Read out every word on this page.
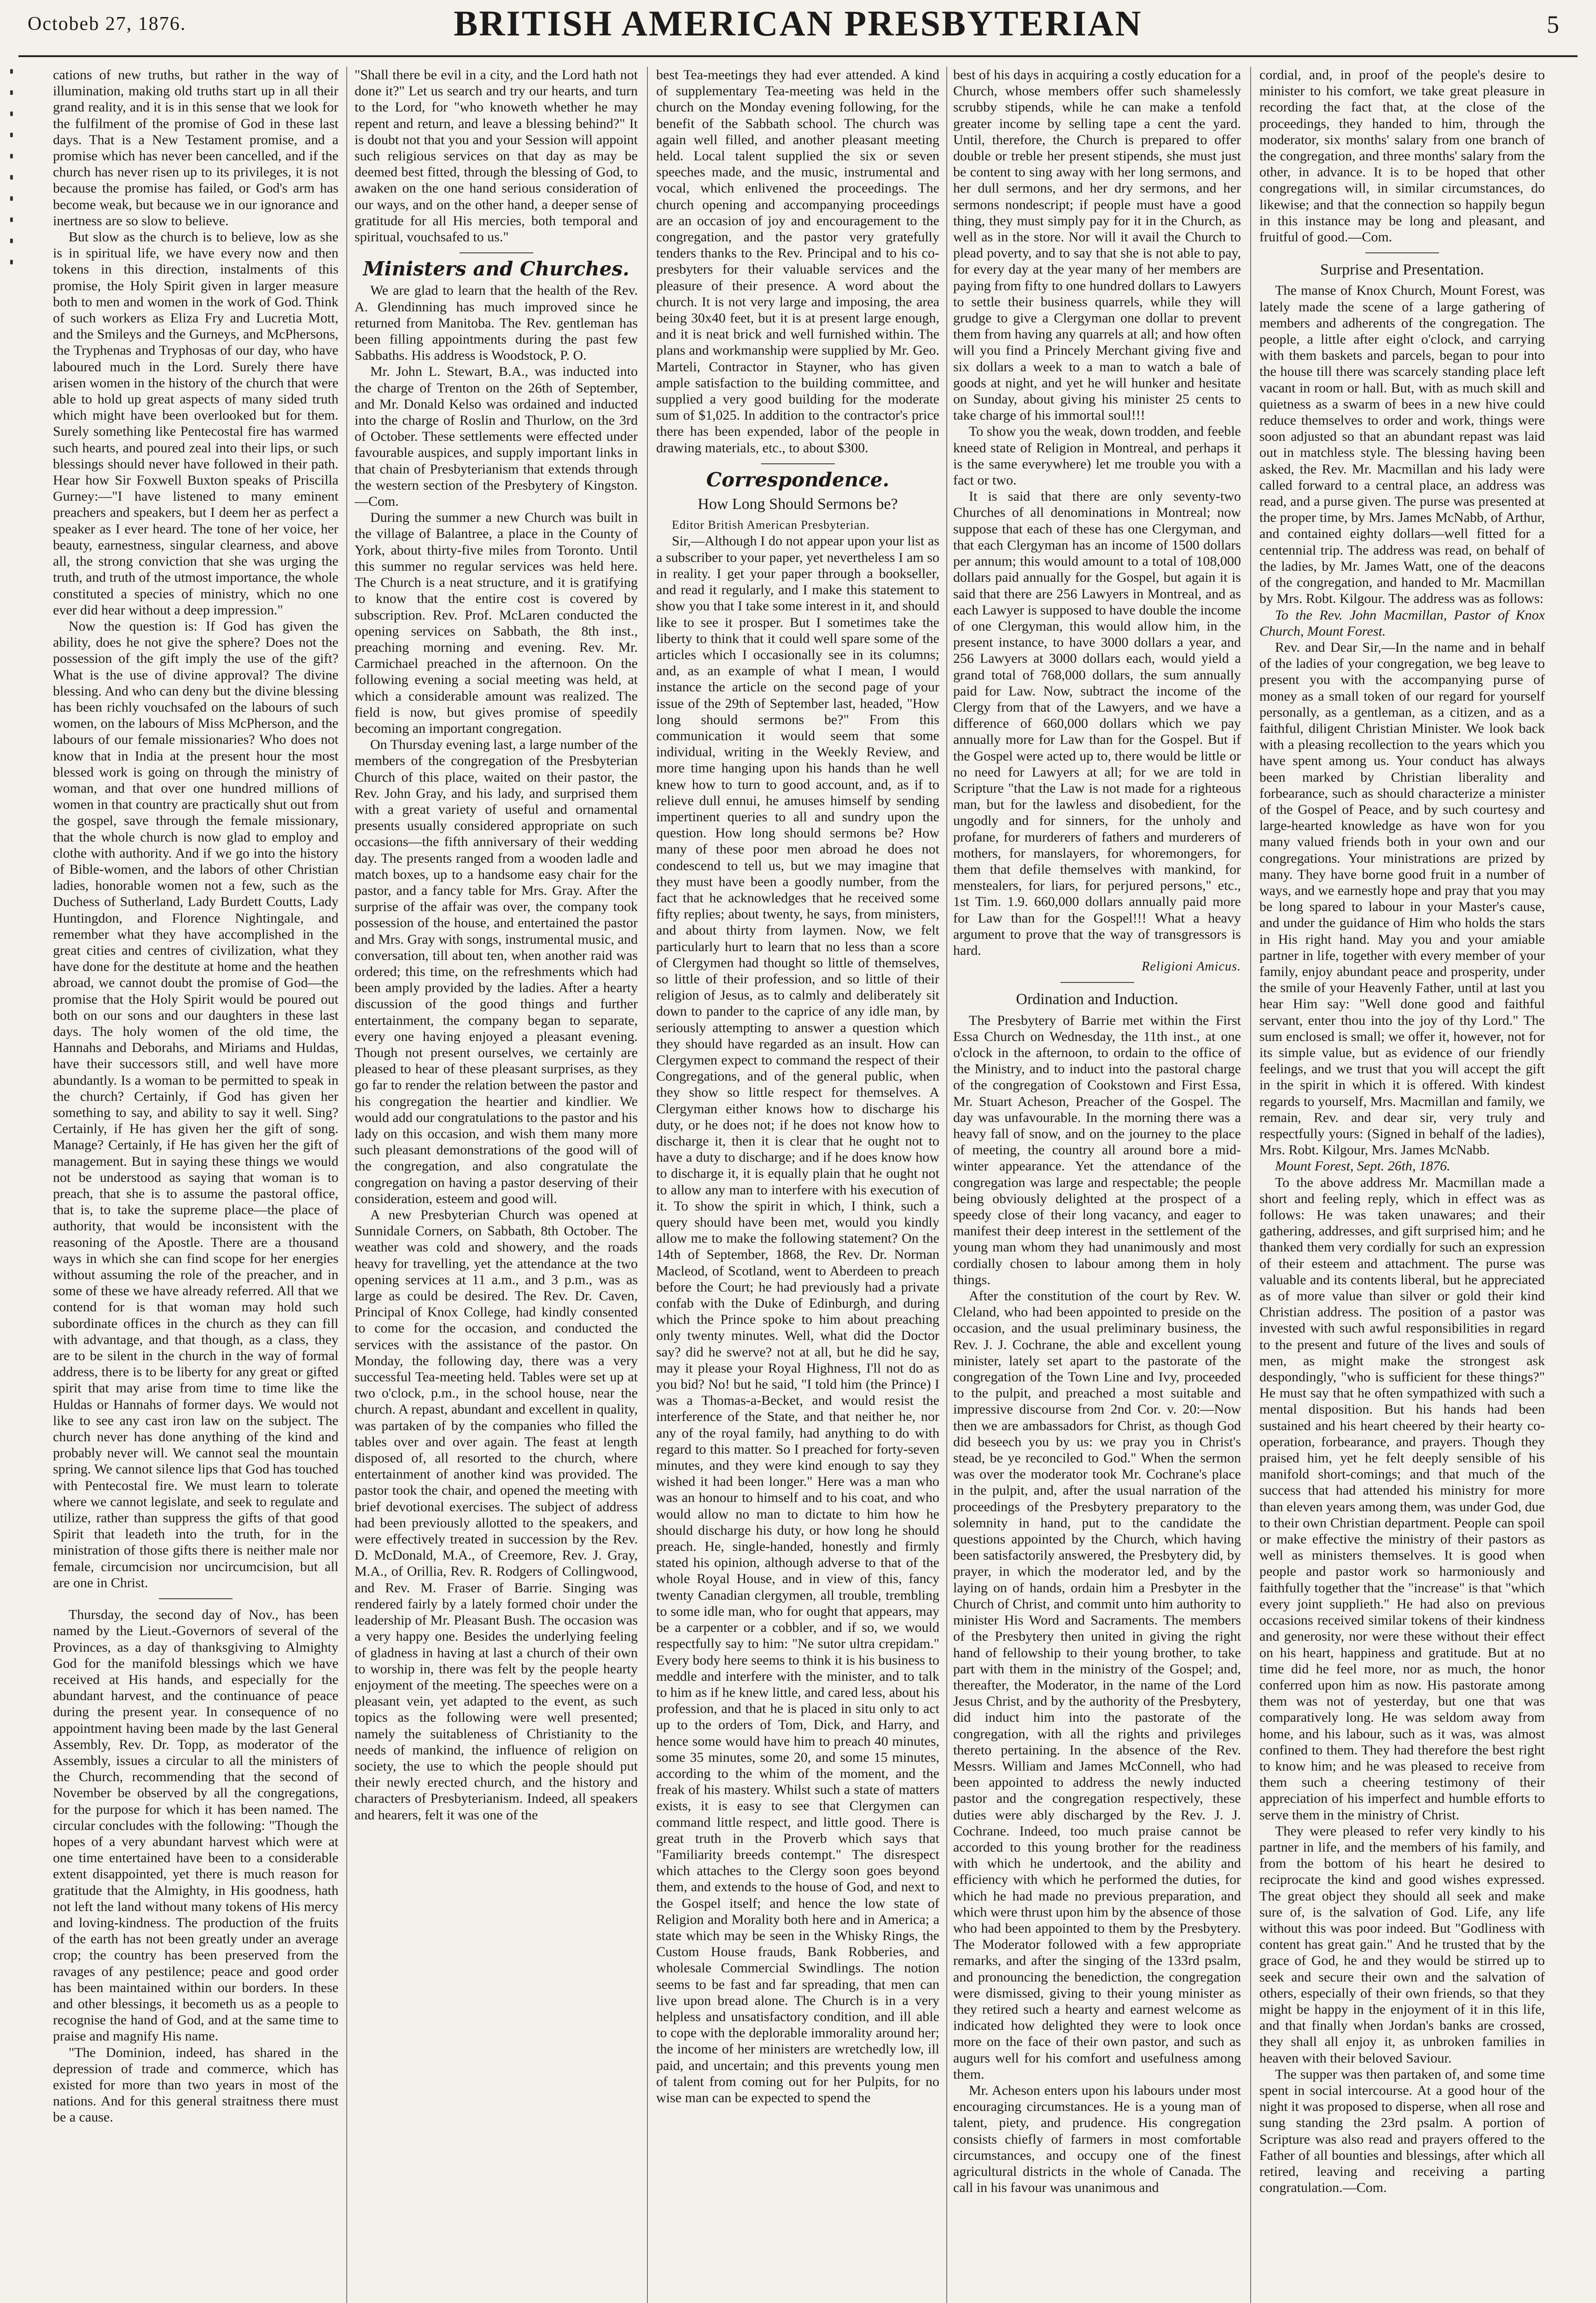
Octobeb 27, 1876.	BRITISH AMERICAN PRESBYTERIAN	5

cations of new truths, but rather in the way of illumination, making old truths start up in all their grand reality, and it is in this sense that we look for the fulfilment of the promise of God in these last days. That is a New Testament promise, and a promise which has never been cancelled, and if the church has never risen up to its privileges, it is not because the promise has failed, or God's arm has become weak, but because we in our ignorance and inertness are so slow to believe.

But slow as the church is to believe, low as she is in spiritual life, we have every now and then tokens in this direction, instalments of this promise, the Holy Spirit given in larger measure both to men and women in the work of God. Think of such workers as Eliza Fry and Lucretia Mott, and the Smileys and the Gurneys, and McPhersons, the Tryphenas and Tryphosas of our day, who have laboured much in the Lord. Surely there have arisen women in the history of the church that were able to hold up great aspects of many sided truth which might have been overlooked but for them. Surely something like Pentecostal fire has warmed such hearts, and poured zeal into their lips, or such blessings should never have followed in their path. Hear how Sir Foxwell Buxton speaks of Priscilla Gurney:—"I have listened to many eminent preachers and speakers, but I deem her as perfect a speaker as I ever heard. The tone of her voice, her beauty, earnestness, singular clearness, and above all, the strong conviction that she was urging the truth, and truth of the utmost importance, the whole constituted a species of ministry, which no one ever did hear without a deep impression."

Now the question is: If God has given the ability, does he not give the sphere? Does not the possession of the gift imply the use of the gift? What is the use of divine approval? The divine blessing. And who can deny but the divine blessing has been richly vouchsafed on the labours of such women, on the labours of Miss McPherson, and the labours of our female missionaries? Who does not know that in India at the present hour the most blessed work is going on through the ministry of woman, and that over one hundred millions of women in that country are practically shut out from the gospel, save through the female missionary, that the whole church is now glad to employ and clothe with authority. And if we go into the history of Bible-women, and the labors of other Christian ladies, honorable women not a few, such as the Duchess of Sutherland, Lady Burdett Coutts, Lady Huntingdon, and Florence Nightingale, and remember what they have accomplished in the great cities and centres of civilization, what they have done for the destitute at home and the heathen abroad, we cannot doubt the promise of God—the promise that the Holy Spirit would be poured out both on our sons and our daughters in these last days. The holy women of the old time, the Hannahs and Deborahs, and Miriams and Huldas, have their successors still, and well have more abundantly. Is a woman to be permitted to speak in the church? Certainly, if God has given her something to say, and ability to say it well. Sing? Certainly, if He has given her the gift of song. Manage? Certainly, if He has given her the gift of management. But in saying these things we would not be understood as saying that woman is to preach, that she is to assume the pastoral office, that is, to take the supreme place—the place of authority, that would be inconsistent with the reasoning of the Apostle. There are a thousand ways in which she can find scope for her energies without assuming the role of the preacher, and in some of these we have already referred. All that we contend for is that woman may hold such subordinate offices in the church as they can fill with advantage, and that though, as a class, they are to be silent in the church in the way of formal address, there is to be liberty for any great or gifted spirit that may arise from time to time like the Huldas or Hannahs of former days. We would not like to see any cast iron law on the subject. The church never has done anything of the kind and probably never will. We cannot seal the mountain spring. We cannot silence lips that God has touched with Pentecostal fire. We must learn to tolerate where we cannot legislate, and seek to regulate and utilize, rather than suppress the gifts of that good Spirit that leadeth into the truth, for in the ministration of those gifts there is neither male nor female, circumcision nor uncircumcision, but all are one in Christ.

Thursday, the second day of Nov., has been named by the Lieut.-Governors of several of the Provinces, as a day of thanksgiving to Almighty God for the manifold blessings which we have received at His hands, and especially for the abundant harvest, and the continuance of peace during the present year. In consequence of no appointment having been made by the last General Assembly, Rev. Dr. Topp, as moderator of the Assembly, issues a circular to all the ministers of the Church, recommending that the second of November be observed by all the congregations, for the purpose for which it has been named. The circular concludes with the following: "Though the hopes of a very abundant harvest which were at one time entertained have been to a considerable extent disappointed, yet there is much reason for gratitude that the Almighty, in His goodness, hath not left the land without many tokens of His mercy and loving-kindness. The production of the fruits of the earth has not been greatly under an average crop; the country has been preserved from the ravages of any pestilence; peace and good order has been maintained within our borders. In these and other blessings, it becometh us as a people to recognise the hand of God, and at the same time to praise and magnify His name.

"The Dominion, indeed, has shared in the depression of trade and commerce, which has existed for more than two years in most of the nations. And for this general straitness there must be a cause.

"Shall there be evil in a city, and the Lord hath not done it?" Let us search and try our hearts, and turn to the Lord, for "who knoweth whether he may repent and return, and leave a blessing behind?" It is doubt not that you and your Session will appoint such religious services on that day as may be deemed best fitted, through the blessing of God, to awaken on the one hand serious consideration of our ways, and on the other hand, a deeper sense of gratitude for all His mercies, both temporal and spiritual, vouchsafed to us."

Ministers and Churches.

We are glad to learn that the health of the Rev. A. Glendinning has much improved since he returned from Manitoba. The Rev. gentleman has been filling appointments during the past few Sabbaths. His address is Woodstock, P. O.

Mr. John L. Stewart, B.A., was inducted into the charge of Trenton on the 26th of September, and Mr. Donald Kelso was ordained and inducted into the charge of Roslin and Thurlow, on the 3rd of October. These settlements were effected under favourable auspices, and supply important links in that chain of Presbyterianism that extends through the western section of the Presbytery of Kingston.—Com.

During the summer a new Church was built in the village of Balantree, a place in the County of York, about thirty-five miles from Toronto. Until this summer no regular services was held here. The Church is a neat structure, and it is gratifying to know that the entire cost is covered by subscription. Rev. Prof. McLaren conducted the opening services on Sabbath, the 8th inst., preaching morning and evening. Rev. Mr. Carmichael preached in the afternoon. On the following evening a social meeting was held, at which a considerable amount was realized. The field is now, but gives promise of speedily becoming an important congregation.

On Thursday evening last, a large number of the members of the congregation of the Presbyterian Church of this place, waited on their pastor, the Rev. John Gray, and his lady, and surprised them with a great variety of useful and ornamental presents usually considered appropriate on such occasions—the fifth anniversary of their wedding day. The presents ranged from a wooden ladle and match boxes, up to a handsome easy chair for the pastor, and a fancy table for Mrs. Gray. After the surprise of the affair was over, the company took possession of the house, and entertained the pastor and Mrs. Gray with songs, instrumental music, and conversation, till about ten, when another raid was ordered; this time, on the refreshments which had been amply provided by the ladies. After a hearty discussion of the good things and further entertainment, the company began to separate, every one having enjoyed a pleasant evening. Though not present ourselves, we certainly are pleased to hear of these pleasant surprises, as they go far to render the relation between the pastor and his congregation the heartier and kindlier. We would add our congratulations to the pastor and his lady on this occasion, and wish them many more such pleasant demonstrations of the good will of the congregation, and also congratulate the congregation on having a pastor deserving of their consideration, esteem and good will.

A new Presbyterian Church was opened at Sunnidale Corners, on Sabbath, 8th October. The weather was cold and showery, and the roads heavy for travelling, yet the attendance at the two opening services at 11 a.m., and 3 p.m., was as large as could be desired. The Rev. Dr. Caven, Principal of Knox College, had kindly consented to come for the occasion, and conducted the services with the assistance of the pastor. On Monday, the following day, there was a very successful Tea-meeting held. Tables were set up at two o'clock, p.m., in the school house, near the church. A repast, abundant and excellent in quality, was partaken of by the companies who filled the tables over and over again. The feast at length disposed of, all resorted to the church, where entertainment of another kind was provided. The pastor took the chair, and opened the meeting with brief devotional exercises. The subject of address had been previously allotted to the speakers, and were effectively treated in succession by the Rev. D. McDonald, M.A., of Creemore, Rev. J. Gray, M.A., of Orillia, Rev. R. Rodgers of Collingwood, and Rev. M. Fraser of Barrie. Singing was rendered fairly by a lately formed choir under the leadership of Mr. Pleasant Bush. The occasion was a very happy one. Besides the underlying feeling of gladness in having at last a church of their own to worship in, there was felt by the people hearty enjoyment of the meeting. The speeches were on a pleasant vein, yet adapted to the event, as such topics as the following were well presented; namely the suitableness of Christianity to the needs of mankind, the influence of religion on society, the use to which the people should put their newly erected church, and the history and characters of Presbyterianism. Indeed, all speakers and hearers, felt it was one of the

best Tea-meetings they had ever attended. A kind of supplementary Tea-meeting was held in the church on the Monday evening following, for the benefit of the Sabbath school. The church was again well filled, and another pleasant meeting held. Local talent supplied the six or seven speeches made, and the music, instrumental and vocal, which enlivened the proceedings. The church opening and accompanying proceedings are an occasion of joy and encouragement to the congregation, and the pastor very gratefully tenders thanks to the Rev. Principal and to his co-presbyters for their valuable services and the pleasure of their presence. A word about the church. It is not very large and imposing, the area being 30x40 feet, but it is at present large enough, and it is neat brick and well furnished within. The plans and workmanship were supplied by Mr. Geo. Marteli, Contractor in Stayner, who has given ample satisfaction to the building committee, and supplied a very good building for the moderate sum of $1,025. In addition to the contractor's price there has been expended, labor of the people in drawing materials, etc., to about $300.

Correspondence.
How Long Should Sermons be?

Editor British American Presbyterian.

Sir,—Although I do not appear upon your list as a subscriber to your paper, yet nevertheless I am so in reality. I get your paper through a bookseller, and read it regularly, and I make this statement to show you that I take some interest in it, and should like to see it prosper. But I sometimes take the liberty to think that it could well spare some of the articles which I occasionally see in its columns; and, as an example of what I mean, I would instance the article on the second page of your issue of the 29th of September last, headed, "How long should sermons be?" From this communication it would seem that some individual, writing in the Weekly Review, and more time hanging upon his hands than he well knew how to turn to good account, and, as if to relieve dull ennui, he amuses himself by sending impertinent queries to all and sundry upon the question. How long should sermons be? How many of these poor men abroad he does not condescend to tell us, but we may imagine that they must have been a goodly number, from the fact that he acknowledges that he received some fifty replies; about twenty, he says, from ministers, and about thirty from laymen. Now, we felt particularly hurt to learn that no less than a score of Clergymen had thought so little of themselves, so little of their profession, and so little of their religion of Jesus, as to calmly and deliberately sit down to pander to the caprice of any idle man, by seriously attempting to answer a question which they should have regarded as an insult. How can Clergymen expect to command the respect of their Congregations, and of the general public, when they show so little respect for themselves. A Clergyman either knows how to discharge his duty, or he does not; if he does not know how to discharge it, then it is clear that he ought not to have a duty to discharge; and if he does know how to discharge it, it is equally plain that he ought not to allow any man to interfere with his execution of it. To show the spirit in which, I think, such a query should have been met, would you kindly allow me to make the following statement? On the 14th of September, 1868, the Rev. Dr. Norman Macleod, of Scotland, went to Aberdeen to preach before the Court; he had previously had a private confab with the Duke of Edinburgh, and during which the Prince spoke to him about preaching only twenty minutes. Well, what did the Doctor say? did he swerve? not at all, but he did he say, may it please your Royal Highness, I'll not do as you bid? No! but he said, "I told him (the Prince) I was a Thomas-a-Becket, and would resist the interference of the State, and that neither he, nor any of the royal family, had anything to do with regard to this matter. So I preached for forty-seven minutes, and they were kind enough to say they wished it had been longer." Here was a man who was an honour to himself and to his coat, and who would allow no man to dictate to him how he should discharge his duty, or how long he should preach. He, single-handed, honestly and firmly stated his opinion, although adverse to that of the whole Royal House, and in view of this, fancy twenty Canadian clergymen, all trouble, trembling to some idle man, who for ought that appears, may be a carpenter or a cobbler, and if so, we would respectfully say to him: "Ne sutor ultra crepidam." Every body here seems to think it is his business to meddle and interfere with the minister, and to talk to him as if he knew little, and cared less, about his profession, and that he is placed in situ only to act up to the orders of Tom, Dick, and Harry, and hence some would have him to preach 40 minutes, some 35 minutes, some 20, and some 15 minutes, according to the whim of the moment, and the freak of his mastery. Whilst such a state of matters exists, it is easy to see that Clergymen can command little respect, and little good. There is great truth in the Proverb which says that "Familiarity breeds contempt." The disrespect which attaches to the Clergy soon goes beyond them, and extends to the house of God, and next to the Gospel itself; and hence the low state of Religion and Morality both here and in America; a state which may be seen in the Whisky Rings, the Custom House frauds, Bank Robberies, and wholesale Commercial Swindlings. The notion seems to be fast and far spreading, that men can live upon bread alone. The Church is in a very helpless and unsatisfactory condition, and ill able to cope with the deplorable immorality around her; the income of her ministers are wretchedly low, ill paid, and uncertain; and this prevents young men of talent from coming out for her Pulpits, for no wise man can be expected to spend the

best of his days in acquiring a costly education for a Church, whose members offer such shamelessly scrubby stipends, while he can make a tenfold greater income by selling tape a cent the yard. Until, therefore, the Church is prepared to offer double or treble her present stipends, she must just be content to sing away with her long sermons, and her dull sermons, and her dry sermons, and her sermons nondescript; if people must have a good thing, they must simply pay for it in the Church, as well as in the store. Nor will it avail the Church to plead poverty, and to say that she is not able to pay, for every day at the year many of her members are paying from fifty to one hundred dollars to Lawyers to settle their business quarrels, while they will grudge to give a Clergyman one dollar to prevent them from having any quarrels at all; and how often will you find a Princely Merchant giving five and six dollars a week to a man to watch a bale of goods at night, and yet he will hunker and hesitate on Sunday, about giving his minister 25 cents to take charge of his immortal soul!!!

To show you the weak, down trodden, and feeble kneed state of Religion in Montreal, and perhaps it is the same everywhere) let me trouble you with a fact or two.

It is said that there are only seventy-two Churches of all denominations in Montreal; now suppose that each of these has one Clergyman, and that each Clergyman has an income of 1500 dollars per annum; this would amount to a total of 108,000 dollars paid annually for the Gospel, but again it is said that there are 256 Lawyers in Montreal, and as each Lawyer is supposed to have double the income of one Clergyman, this would allow him, in the present instance, to have 3000 dollars a year, and 256 Lawyers at 3000 dollars each, would yield a grand total of 768,000 dollars, the sum annually paid for Law. Now, subtract the income of the Clergy from that of the Lawyers, and we have a difference of 660,000 dollars which we pay annually more for Law than for the Gospel. But if the Gospel were acted up to, there would be little or no need for Lawyers at all; for we are told in Scripture "that the Law is not made for a righteous man, but for the lawless and disobedient, for the ungodly and for sinners, for the unholy and profane, for murderers of fathers and murderers of mothers, for manslayers, for whoremongers, for them that defile themselves with mankind, for menstealers, for liars, for perjured persons," etc., 1st Tim. 1.9. 660,000 dollars annually paid more for Law than for the Gospel!!! What a heavy argument to prove that the way of transgressors is hard.

Religioni Amicus.

Ordination and Induction.

The Presbytery of Barrie met within the First Essa Church on Wednesday, the 11th inst., at one o'clock in the afternoon, to ordain to the office of the Ministry, and to induct into the pastoral charge of the congregation of Cookstown and First Essa, Mr. Stuart Acheson, Preacher of the Gospel. The day was unfavourable. In the morning there was a heavy fall of snow, and on the journey to the place of meeting, the country all around bore a mid-winter appearance. Yet the attendance of the congregation was large and respectable; the people being obviously delighted at the prospect of a speedy close of their long vacancy, and eager to manifest their deep interest in the settlement of the young man whom they had unanimously and most cordially chosen to labour among them in holy things.

After the constitution of the court by Rev. W. Cleland, who had been appointed to preside on the occasion, and the usual preliminary business, the Rev. J. J. Cochrane, the able and excellent young minister, lately set apart to the pastorate of the congregation of the Town Line and Ivy, proceeded to the pulpit, and preached a most suitable and impressive discourse from 2nd Cor. v. 20:—Now then we are ambassadors for Christ, as though God did beseech you by us: we pray you in Christ's stead, be ye reconciled to God." When the sermon was over the moderator took Mr. Cochrane's place in the pulpit, and, after the usual narration of the proceedings of the Presbytery preparatory to the solemnity in hand, put to the candidate the questions appointed by the Church, which having been satisfactorily answered, the Presbytery did, by prayer, in which the moderator led, and by the laying on of hands, ordain him a Presbyter in the Church of Christ, and commit unto him authority to minister His Word and Sacraments. The members of the Presbytery then united in giving the right hand of fellowship to their young brother, to take part with them in the ministry of the Gospel; and, thereafter, the Moderator, in the name of the Lord Jesus Christ, and by the authority of the Presbytery, did induct him into the pastorate of the congregation, with all the rights and privileges thereto pertaining. In the absence of the Rev. Messrs. William and James McConnell, who had been appointed to address the newly inducted pastor and the congregation respectively, these duties were ably discharged by the Rev. J. J. Cochrane. Indeed, too much praise cannot be accorded to this young brother for the readiness with which he undertook, and the ability and efficiency with which he performed the duties, for which he had made no previous preparation, and which were thrust upon him by the absence of those who had been appointed to them by the Presbytery. The Moderator followed with a few appropriate remarks, and after the singing of the 133rd psalm, and pronouncing the benediction, the congregation were dismissed, giving to their young minister as they retired such a hearty and earnest welcome as indicated how delighted they were to look once more on the face of their own pastor, and such as augurs well for his comfort and usefulness among them.

Mr. Acheson enters upon his labours under most encouraging circumstances. He is a young man of talent, piety, and prudence. His congregation consists chiefly of farmers in most comfortable circumstances, and occupy one of the finest agricultural districts in the whole of Canada. The call in his favour was unanimous and

cordial, and, in proof of the people's desire to minister to his comfort, we take great pleasure in recording the fact that, at the close of the proceedings, they handed to him, through the moderator, six months' salary from one branch of the congregation, and three months' salary from the other, in advance. It is to be hoped that other congregations will, in similar circumstances, do likewise; and that the connection so happily begun in this instance may be long and pleasant, and fruitful of good.—Com.

Surprise and Presentation.

The manse of Knox Church, Mount Forest, was lately made the scene of a large gathering of members and adherents of the congregation. The people, a little after eight o'clock, and carrying with them baskets and parcels, began to pour into the house till there was scarcely standing place left vacant in room or hall. But, with as much skill and quietness as a swarm of bees in a new hive could reduce themselves to order and work, things were soon adjusted so that an abundant repast was laid out in matchless style. The blessing having been asked, the Rev. Mr. Macmillan and his lady were called forward to a central place, an address was read, and a purse given. The purse was presented at the proper time, by Mrs. James McNabb, of Arthur, and contained eighty dollars—well fitted for a centennial trip. The address was read, on behalf of the ladies, by Mr. James Watt, one of the deacons of the congregation, and handed to Mr. Macmillan by Mrs. Robt. Kilgour. The address was as follows:

To the Rev. John Macmillan, Pastor of Knox Church, Mount Forest.

Rev. and Dear Sir,—In the name and in behalf of the ladies of your congregation, we beg leave to present you with the accompanying purse of money as a small token of our regard for yourself personally, as a gentleman, as a citizen, and as a faithful, diligent Christian Minister. We look back with a pleasing recollection to the years which you have spent among us. Your conduct has always been marked by Christian liberality and forbearance, such as should characterize a minister of the Gospel of Peace, and by such courtesy and large-hearted knowledge as have won for you many valued friends both in your own and our congregations. Your ministrations are prized by many. They have borne good fruit in a number of ways, and we earnestly hope and pray that you may be long spared to labour in your Master's cause, and under the guidance of Him who holds the stars in His right hand. May you and your amiable partner in life, together with every member of your family, enjoy abundant peace and prosperity, under the smile of your Heavenly Father, until at last you hear Him say: "Well done good and faithful servant, enter thou into the joy of thy Lord." The sum enclosed is small; we offer it, however, not for its simple value, but as evidence of our friendly feelings, and we trust that you will accept the gift in the spirit in which it is offered. With kindest regards to yourself, Mrs. Macmillan and family, we remain, Rev. and dear sir, very truly and respectfully yours: (Signed in behalf of the ladies), Mrs. Robt. Kilgour, Mrs. James McNabb.

Mount Forest, Sept. 26th, 1876.

To the above address Mr. Macmillan made a short and feeling reply, which in effect was as follows: He was taken unawares; and their gathering, addresses, and gift surprised him; and he thanked them very cordially for such an expression of their esteem and attachment. The purse was valuable and its contents liberal, but he appreciated as of more value than silver or gold their kind Christian address. The position of a pastor was invested with such awful responsibilities in regard to the present and future of the lives and souls of men, as might make the strongest ask despondingly, "who is sufficient for these things?" He must say that he often sympathized with such a mental disposition. But his hands had been sustained and his heart cheered by their hearty co-operation, forbearance, and prayers. Though they praised him, yet he felt deeply sensible of his manifold short-comings; and that much of the success that had attended his ministry for more than eleven years among them, was under God, due to their own Christian department. People can spoil or make effective the ministry of their pastors as well as ministers themselves. It is good when people and pastor work so harmoniously and faithfully together that the "increase" is that "which every joint supplieth." He had also on previous occasions received similar tokens of their kindness and generosity, nor were these without their effect on his heart, happiness and gratitude. But at no time did he feel more, nor as much, the honor conferred upon him as now. His pastorate among them was not of yesterday, but one that was comparatively long. He was seldom away from home, and his labour, such as it was, was almost confined to them. They had therefore the best right to know him; and he was pleased to receive from them such a cheering testimony of their appreciation of his imperfect and humble efforts to serve them in the ministry of Christ.

They were pleased to refer very kindly to his partner in life, and the members of his family, and from the bottom of his heart he desired to reciprocate the kind and good wishes expressed. The great object they should all seek and make sure of, is the salvation of God. Life, any life without this was poor indeed. But "Godliness with content has great gain." And he trusted that by the grace of God, he and they would be stirred up to seek and secure their own and the salvation of others, especially of their own friends, so that they might be happy in the enjoyment of it in this life, and that finally when Jordan's banks are crossed, they shall all enjoy it, as unbroken families in heaven with their beloved Saviour.

The supper was then partaken of, and some time spent in social intercourse. At a good hour of the night it was proposed to disperse, when all rose and sung standing the 23rd psalm. A portion of Scripture was also read and prayers offered to the Father of all bounties and blessings, after which all retired, leaving and receiving a parting congratulation.—Com.
